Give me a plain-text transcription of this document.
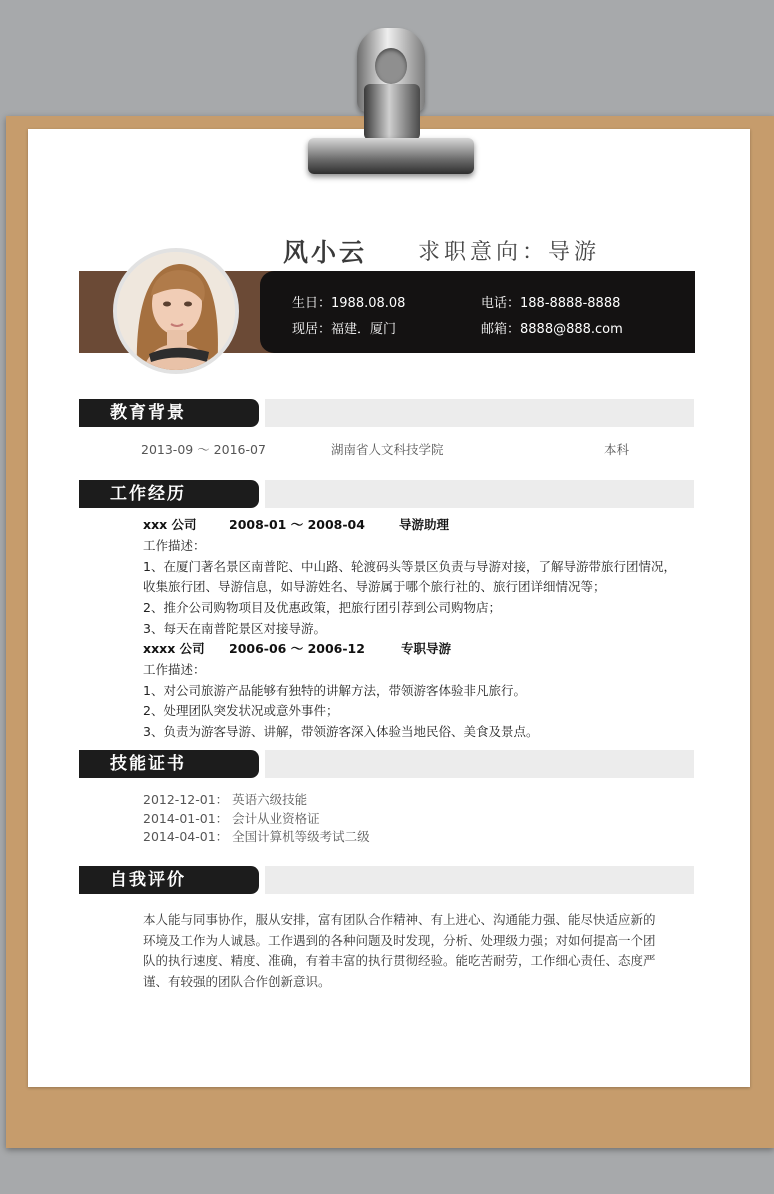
风小云 求职意向：导游
生日：1988.08.08	电话：188-8888-8888
现居：福建．厦门	邮箱：8888@888.com
教育背景
2013-09 ～ 2016-07	湖南省人文科技学院	本科
工作经历
xxx 公司	2008-01 ～ 2008-04	导游助理
工作描述：
1、在厦门著名景区南普陀、中山路、轮渡码头等景区负责与导游对接，了解导游带旅行团情况，
收集旅行团、导游信息，如导游姓名、导游属于哪个旅行社的、旅行团详细情况等；
2、推介公司购物项目及优惠政策，把旅行团引荐到公司购物店；
3、每天在南普陀景区对接导游。
xxxx 公司 2006-06 ～ 2006-12	专职导游
工作描述：
1、对公司旅游产品能够有独特的讲解方法，带领游客体验非凡旅行。
2、处理团队突发状况或意外事件；
3、负责为游客导游、讲解，带领游客深入体验当地民俗、美食及景点。
技能证书
2012-12-01： 英语六级技能
2014-01-01： 会计从业资格证
2014-04-01： 全国计算机等级考试二级
自我评价
本人能与同事协作，服从安排，富有团队合作精神、有上进心、沟通能力强、能尽快适应新的环境及工作为人诚恳。工作遇到的各种问题及时发现，分析、处理级力强；对如何提高一个团队的执行速度、精度、准确，有着丰富的执行贯彻经验。能吃苦耐劳，工作细心责任、态度严谨、有较强的团队合作创新意识。
